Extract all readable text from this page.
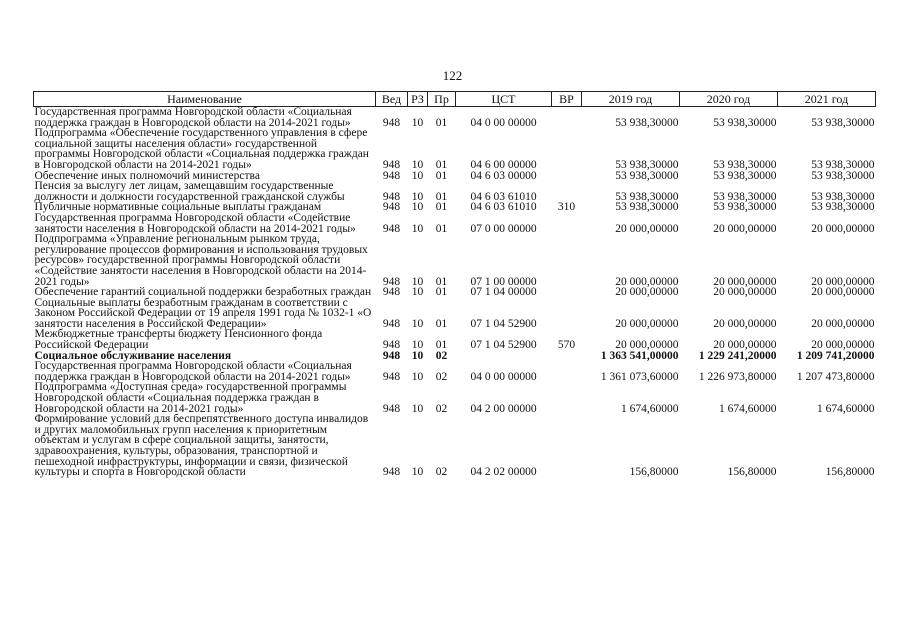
122
Наименование	Вед	РЗ	Пр	ЦСТ	ВР	2019 год	2020 год	2021 год
Государственная программа Новгородской области «Социальная поддержка граждан в Новгородской области на 2014-2021 годы»	948	10	01	04 0 00 00000		53 938,30000	53 938,30000	53 938,30000
Подпрограмма «Обеспечение государственного управления в сфере социальной защиты населения области» государственной программы Новгородской области «Социальная поддержка граждан в Новгородской области на 2014-2021 годы»	948	10	01	04 6 00 00000		53 938,30000	53 938,30000	53 938,30000
Обеспечение иных полномочий министерства	948	10	01	04 6 03 00000		53 938,30000	53 938,30000	53 938,30000
Пенсия за выслугу лет лицам, замещавшим государственные должности и должности государственной гражданской службы	948	10	01	04 6 03 61010		53 938,30000	53 938,30000	53 938,30000
Публичные нормативные социальные выплаты гражданам	948	10	01	04 6 03 61010	310	53 938,30000	53 938,30000	53 938,30000
Государственная программа Новгородской области «Содействие занятости населения в Новгородской области на 2014-2021 годы»	948	10	01	07 0 00 00000		20 000,00000	20 000,00000	20 000,00000
Подпрограмма «Управление региональным рынком труда, регулирование процессов формирования и использования трудовых ресурсов» государственной программы Новгородской области «Содействие занятости населения в Новгородской области на 2014-2021 годы»	948	10	01	07 1 00 00000		20 000,00000	20 000,00000	20 000,00000
Обеспечение гарантий социальной поддержки безработных граждан	948	10	01	07 1 04 00000		20 000,00000	20 000,00000	20 000,00000
Социальные выплаты безработным гражданам в соответствии с Законом Российской Федерации от 19 апреля 1991 года № 1032-1 «О занятости населения в Российской Федерации»	948	10	01	07 1 04 52900		20 000,00000	20 000,00000	20 000,00000
Межбюджетные трансферты бюджету Пенсионного фонда Российской Федерации	948	10	01	07 1 04 52900	570	20 000,00000	20 000,00000	20 000,00000
Социальное обслуживание населения	948	10	02			1 363 541,00000	1 229 241,20000	1 209 741,20000
Государственная программа Новгородской области «Социальная поддержка граждан в Новгородской области на 2014-2021 годы»	948	10	02	04 0 00 00000		1 361 073,60000	1 226 973,80000	1 207 473,80000
Подпрограмма «Доступная среда» государственной программы Новгородской области «Социальная поддержка граждан в Новгородской области на 2014-2021 годы»	948	10	02	04 2 00 00000		1 674,60000	1 674,60000	1 674,60000
Формирование условий для беспрепятственного доступа инвалидов и других маломобильных групп населения к приоритетным объектам и услугам в сфере социальной защиты, занятости, здравоохранения, культуры, образования, транспортной и пешеходной инфраструктуры, информации и связи, физической культуры и спорта в Новгородской области	948	10	02	04 2 02 00000		156,80000	156,80000	156,80000
